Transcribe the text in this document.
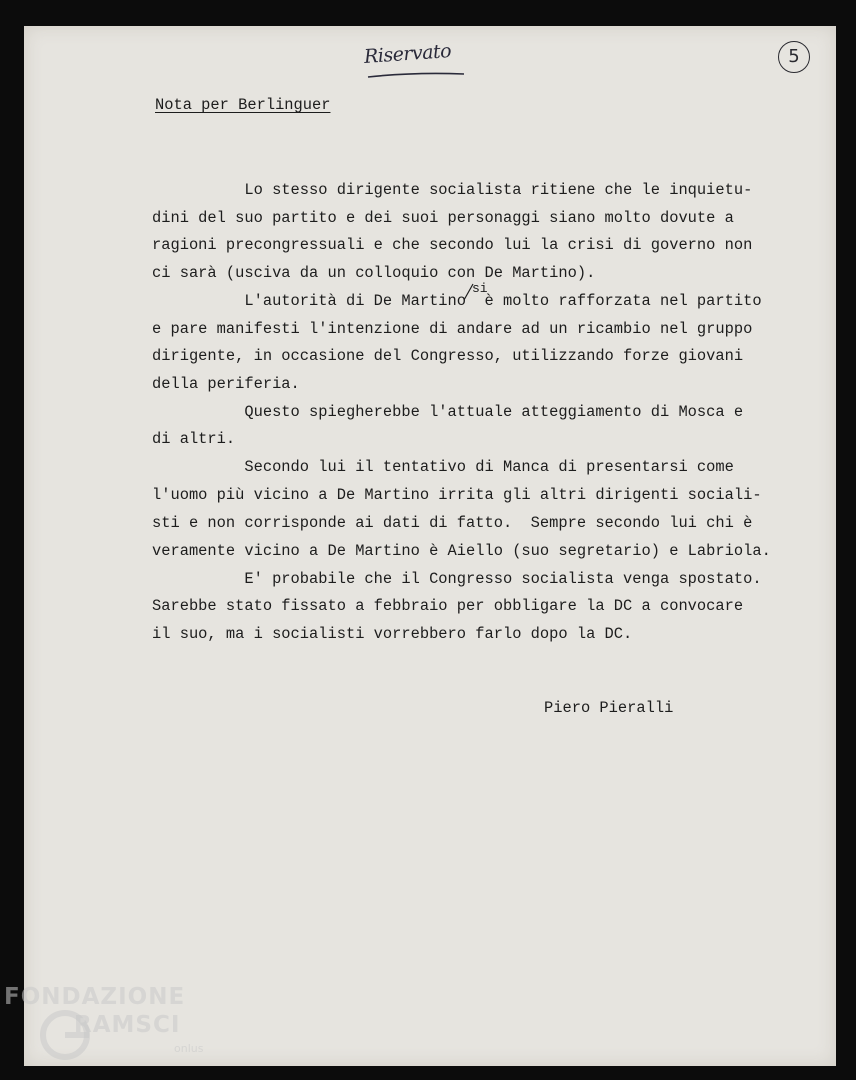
Riservato	5
Nota per Berlinguer
Lo stesso dirigente socialista ritiene che le inquietu-
dini del suo partito e dei suoi personaggi siano molto dovute a
ragioni precongressuali e che secondo lui la crisi di governo non
ci sarà (usciva da un colloquio con De Martino).
L'autorità di De Martino  è molto rafforzata nel partito
e pare manifesti l'intenzione di andare ad un ricambio nel gruppo
dirigente, in occasione del Congresso, utilizzando forze giovani
della periferia.
Questo spiegherebbe l'attuale atteggiamento di Mosca e
di altri.
Secondo lui il tentativo di Manca di presentarsi come
l'uomo più vicino a De Martino irrita gli altri dirigenti sociali-
sti e non corrisponde ai dati di fatto.  Sempre secondo lui chi è
veramente vicino a De Martino è Aiello (suo segretario) e Labriola.
E' probabile che il Congresso socialista venga spostato.
Sarebbe stato fissato a febbraio per obbligare la DC a convocare
il suo, ma i socialisti vorrebbero farlo dopo la DC.
si
Piero Pieralli
FONDAZIONE
RAMSCI
onlus
